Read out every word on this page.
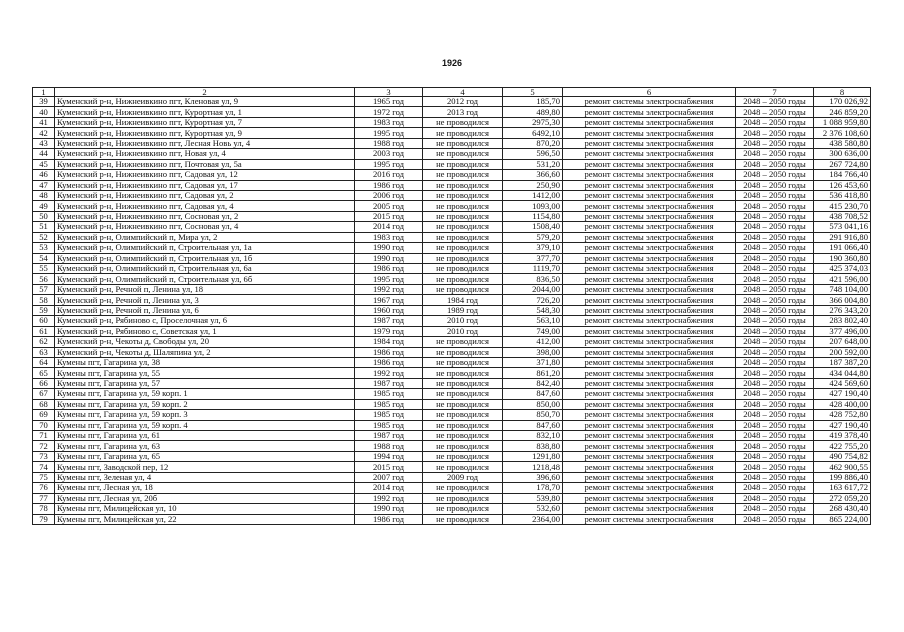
1926
1	2	3	4	5	6	7	8
39	Куменский р-н, Нижнеивкино пгт, Кленовая ул, 9	1965 год	2012 год	185,70	ремонт системы электроснабжения	2048 – 2050 годы	170 026,92
40	Куменский р-н, Нижнеивкино пгт, Курортная ул, 1	1972 год	2013 год	489,80	ремонт системы электроснабжения	2048 – 2050 годы	246 859,20
41	Куменский р-н, Нижнеивкино пгт, Курортная ул, 7	1983 год	не проводился	2975,30	ремонт системы электроснабжения	2048 – 2050 годы	1 088 959,80
42	Куменский р-н, Нижнеивкино пгт, Курортная ул, 9	1995 год	не проводился	6492,10	ремонт системы электроснабжения	2048 – 2050 годы	2 376 108,60
43	Куменский р-н, Нижнеивкино пгт, Лесная Новь ул, 4	1988 год	не проводился	870,20	ремонт системы электроснабжения	2048 – 2050 годы	438 580,80
44	Куменский р-н, Нижнеивкино пгт, Новая ул, 4	2003 год	не проводился	596,50	ремонт системы электроснабжения	2048 – 2050 годы	300 636,00
45	Куменский р-н, Нижнеивкино пгт, Почтовая ул, 5а	1995 год	не проводился	531,20	ремонт системы электроснабжения	2048 – 2050 годы	267 724,80
46	Куменский р-н, Нижнеивкино пгт, Садовая ул, 12	2016 год	не проводился	366,60	ремонт системы электроснабжения	2048 – 2050 годы	184 766,40
47	Куменский р-н, Нижнеивкино пгт, Садовая ул, 17	1986 год	не проводился	250,90	ремонт системы электроснабжения	2048 – 2050 годы	126 453,60
48	Куменский р-н, Нижнеивкино пгт, Садовая ул, 2	2006 год	не проводился	1412,00	ремонт системы электроснабжения	2048 – 2050 годы	536 418,80
49	Куменский р-н, Нижнеивкино пгт, Садовая ул, 4	2005 год	не проводился	1093,00	ремонт системы электроснабжения	2048 – 2050 годы	415 230,70
50	Куменский р-н, Нижнеивкино пгт, Сосновая ул, 2	2015 год	не проводился	1154,80	ремонт системы электроснабжения	2048 – 2050 годы	438 708,52
51	Куменский р-н, Нижнеивкино пгт, Сосновая ул, 4	2014 год	не проводился	1508,40	ремонт системы электроснабжения	2048 – 2050 годы	573 041,16
52	Куменский р-н, Олимпийский п, Мира ул, 2	1983 год	не проводился	579,20	ремонт системы электроснабжения	2048 – 2050 годы	291 916,80
53	Куменский р-н, Олимпийский п, Строительная ул, 1а	1990 год	не проводился	379,10	ремонт системы электроснабжения	2048 – 2050 годы	191 066,40
54	Куменский р-н, Олимпийский п, Строительная ул, 1б	1990 год	не проводился	377,70	ремонт системы электроснабжения	2048 – 2050 годы	190 360,80
55	Куменский р-н, Олимпийский п, Строительная ул, 6а	1986 год	не проводился	1119,70	ремонт системы электроснабжения	2048 – 2050 годы	425 374,03
56	Куменский р-н, Олимпийский п, Строительная ул, 6б	1995 год	не проводился	836,50	ремонт системы электроснабжения	2048 – 2050 годы	421 596,00
57	Куменский р-н, Речной п, Ленина ул, 18	1992 год	не проводился	2044,00	ремонт системы электроснабжения	2048 – 2050 годы	748 104,00
58	Куменский р-н, Речной п, Ленина ул, 3	1967 год	1984 год	726,20	ремонт системы электроснабжения	2048 – 2050 годы	366 004,80
59	Куменский р-н, Речной п, Ленина ул, 6	1960 год	1989 год	548,30	ремонт системы электроснабжения	2048 – 2050 годы	276 343,20
60	Куменский р-н, Рябиново с, Проселочная ул, 6	1987 год	2010 год	563,10	ремонт системы электроснабжения	2048 – 2050 годы	283 802,40
61	Куменский р-н, Рябиново с, Советская ул, 1	1979 год	2010 год	749,00	ремонт системы электроснабжения	2048 – 2050 годы	377 496,00
62	Куменский р-н, Чекоты д, Свободы ул, 20	1984 год	не проводился	412,00	ремонт системы электроснабжения	2048 – 2050 годы	207 648,00
63	Куменский р-н, Чекоты д, Шаляпина ул, 2	1986 год	не проводился	398,00	ремонт системы электроснабжения	2048 – 2050 годы	200 592,00
64	Кумены пгт, Гагарина ул, 38	1986 год	не проводился	371,80	ремонт системы электроснабжения	2048 – 2050 годы	187 387,20
65	Кумены пгт, Гагарина ул, 55	1992 год	не проводился	861,20	ремонт системы электроснабжения	2048 – 2050 годы	434 044,80
66	Кумены пгт, Гагарина ул, 57	1987 год	не проводился	842,40	ремонт системы электроснабжения	2048 – 2050 годы	424 569,60
67	Кумены пгт, Гагарина ул, 59 корп. 1	1985 год	не проводился	847,60	ремонт системы электроснабжения	2048 – 2050 годы	427 190,40
68	Кумены пгт, Гагарина ул, 59 корп. 2	1985 год	не проводился	850,00	ремонт системы электроснабжения	2048 – 2050 годы	428 400,00
69	Кумены пгт, Гагарина ул, 59 корп. 3	1985 год	не проводился	850,70	ремонт системы электроснабжения	2048 – 2050 годы	428 752,80
70	Кумены пгт, Гагарина ул, 59 корп. 4	1985 год	не проводился	847,60	ремонт системы электроснабжения	2048 – 2050 годы	427 190,40
71	Кумены пгт, Гагарина ул, 61	1987 год	не проводился	832,10	ремонт системы электроснабжения	2048 – 2050 годы	419 378,40
72	Кумены пгт, Гагарина ул, 63	1988 год	не проводился	838,80	ремонт системы электроснабжения	2048 – 2050 годы	422 755,20
73	Кумены пгт, Гагарина ул, 65	1994 год	не проводился	1291,80	ремонт системы электроснабжения	2048 – 2050 годы	490 754,82
74	Кумены пгт, Заводской пер, 12	2015 год	не проводился	1218,48	ремонт системы электроснабжения	2048 – 2050 годы	462 900,55
75	Кумены пгт, Зеленая ул, 4	2007 год	2009 год	396,60	ремонт системы электроснабжения	2048 – 2050 годы	199 886,40
76	Кумены пгт, Лесная ул, 18	2014 год	не проводился	178,70	ремонт системы электроснабжения	2048 – 2050 годы	163 617,72
77	Кумены пгт, Лесная ул, 20б	1992 год	не проводился	539,80	ремонт системы электроснабжения	2048 – 2050 годы	272 059,20
78	Кумены пгт, Милицейская ул, 10	1990 год	не проводился	532,60	ремонт системы электроснабжения	2048 – 2050 годы	268 430,40
79	Кумены пгт, Милицейская ул, 22	1986 год	не проводился	2364,00	ремонт системы электроснабжения	2048 – 2050 годы	865 224,00
